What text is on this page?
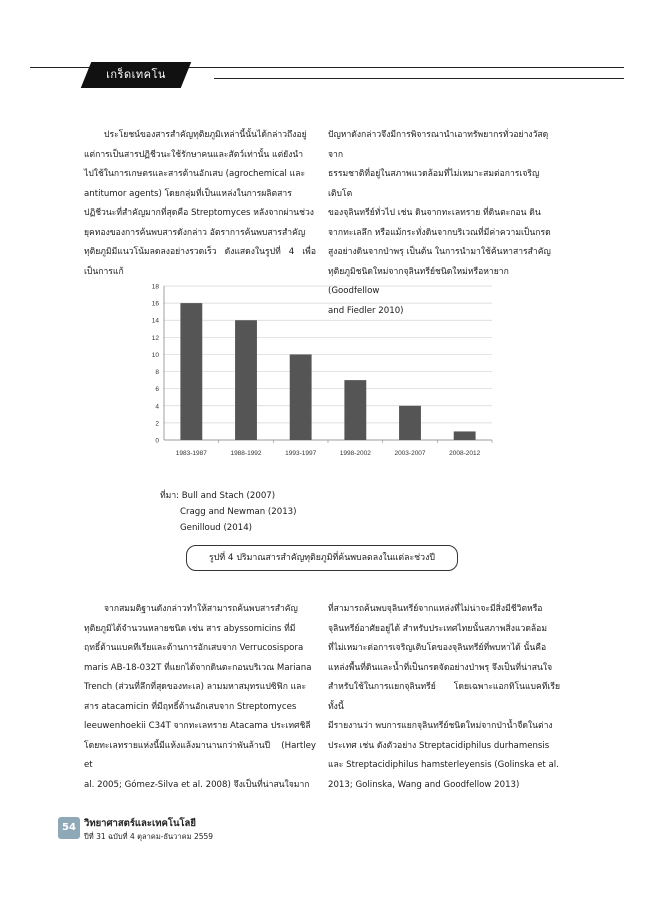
เกร็ดเทคโน

ประโยชน์ของสารสำคัญทุติยภูมิเหล่านี้นั้นได้กล่าวถึงอยู่

แต่การเป็นสารปฏิชีวนะใช้รักษาคนและสัตว์เท่านั้น แต่ยังนำ

ไปใช้ในการเกษตรและสารต้านอักเสบ (agrochemical และ

antitumor agents) โดยกลุ่มที่เป็นแหล่งในการผลิตสาร

ปฏิชีวนะที่สำคัญมากที่สุดคือ Streptomyces หลังจากผ่านช่วง

ยุคทองของการค้นพบสารดังกล่าว อัตราการค้นพบสารสำคัญ

ทุติยภูมิมีแนวโน้มลดลงอย่างรวดเร็ว ดังแสดงในรูปที่ 4 เพื่อเป็นการแก้

ปัญหาดังกล่าวจึงมีการพิจารณานำเอาทรัพยากรทั่วอย่างวัสดุจาก

ธรรมชาติที่อยู่ในสภาพแวดล้อมที่ไม่เหมาะสมต่อการเจริญเติบโต

ของจุลินทรีย์ทั่วไป เช่น ดินจากทะเลทราย ที่ดินตะกอน ดิน

จากทะเลลึก หรือแม้กระทั่งดินจากบริเวณที่มีค่าความเป็นกรด

สูงอย่างดินจากป่าพรุ เป็นต้น ในการนำมาใช้ค้นหาสารสำคัญ

ทุติยภูมิชนิดใหม่จากจุลินทรีย์ชนิดใหม่หรือหายาก (Goodfellow

and Fiedler 2010)

0
2
4
6
8
10
12
14
16
18
1983-1987	1988-1992	1993-1997	1998-2002	2003-2007	2008-2012
ที่มา: Bull and Stach (2007)
Cragg and Newman (2013)
Genilloud (2014)
รูปที่ 4 ปริมาณสารสำคัญทุติยภูมิที่ค้นพบลดลงในแต่ละช่วงปี

จากสมมติฐานดังกล่าวทำให้สามารถค้นพบสารสำคัญ

ทุติยภูมิได้จำนวนหลายชนิด เช่น สาร abyssomicins ที่มี

ฤทธิ์ต้านแบคทีเรียและต้านการอักเสบจาก Verrucosispora

maris AB-18-032T ที่แยกได้จากดินตะกอนบริเวณ Mariana

Trench (ส่วนที่ลึกที่สุดของทะเล) ลามมหาสมุทรแปซิฟิก และ

สาร atacamicin ที่มีฤทธิ์ต้านอักเสบจาก Streptomyces

leeuwenhoekii C34T จากทะเลทราย Atacama ประเทศชิลี

โดยทะเลทรายแห่งนี้มีแห้งแล้งมานานกว่าพันล้านปี (Hartley et

al. 2005; Gómez-Silva et al. 2008) จึงเป็นที่น่าสนใจมาก

ที่สามารถค้นพบจุลินทรีย์จากแหล่งที่ไม่น่าจะมีสิ่งมีชีวิตหรือ

จุลินทรีย์อาศัยอยู่ได้ สำหรับประเทศไทยนั้นสภาพสิ่งแวดล้อม

ที่ไม่เหมาะต่อการเจริญเติบโตของจุลินทรีย์ที่พบหาได้ นั้นคือ

แหล่งพื้นที่ดินและน้ำที่เป็นกรดจัดอย่างป่าพรุ จึงเป็นที่น่าสนใจ

สำหรับใช้ในการแยกจุลินทรีย์ โดยเฉพาะแอกทิโนแบคทีเรีย ทั้งนี้

มีรายงานว่า พบการแยกจุลินทรีย์ชนิดใหม่จากป่าน้ำจืดในต่าง

ประเทศ เช่น ดังตัวอย่าง Streptacidiphilus durhamensis

และ Streptacidiphilus hamsterleyensis (Golinska et al.

2013; Golinska, Wang and Goodfellow 2013)

54 วิทยาศาสตร์และเทคโนโลยี
ปีที่ 31 ฉบับที่ 4 ตุลาคม-ธันวาคม 2559
